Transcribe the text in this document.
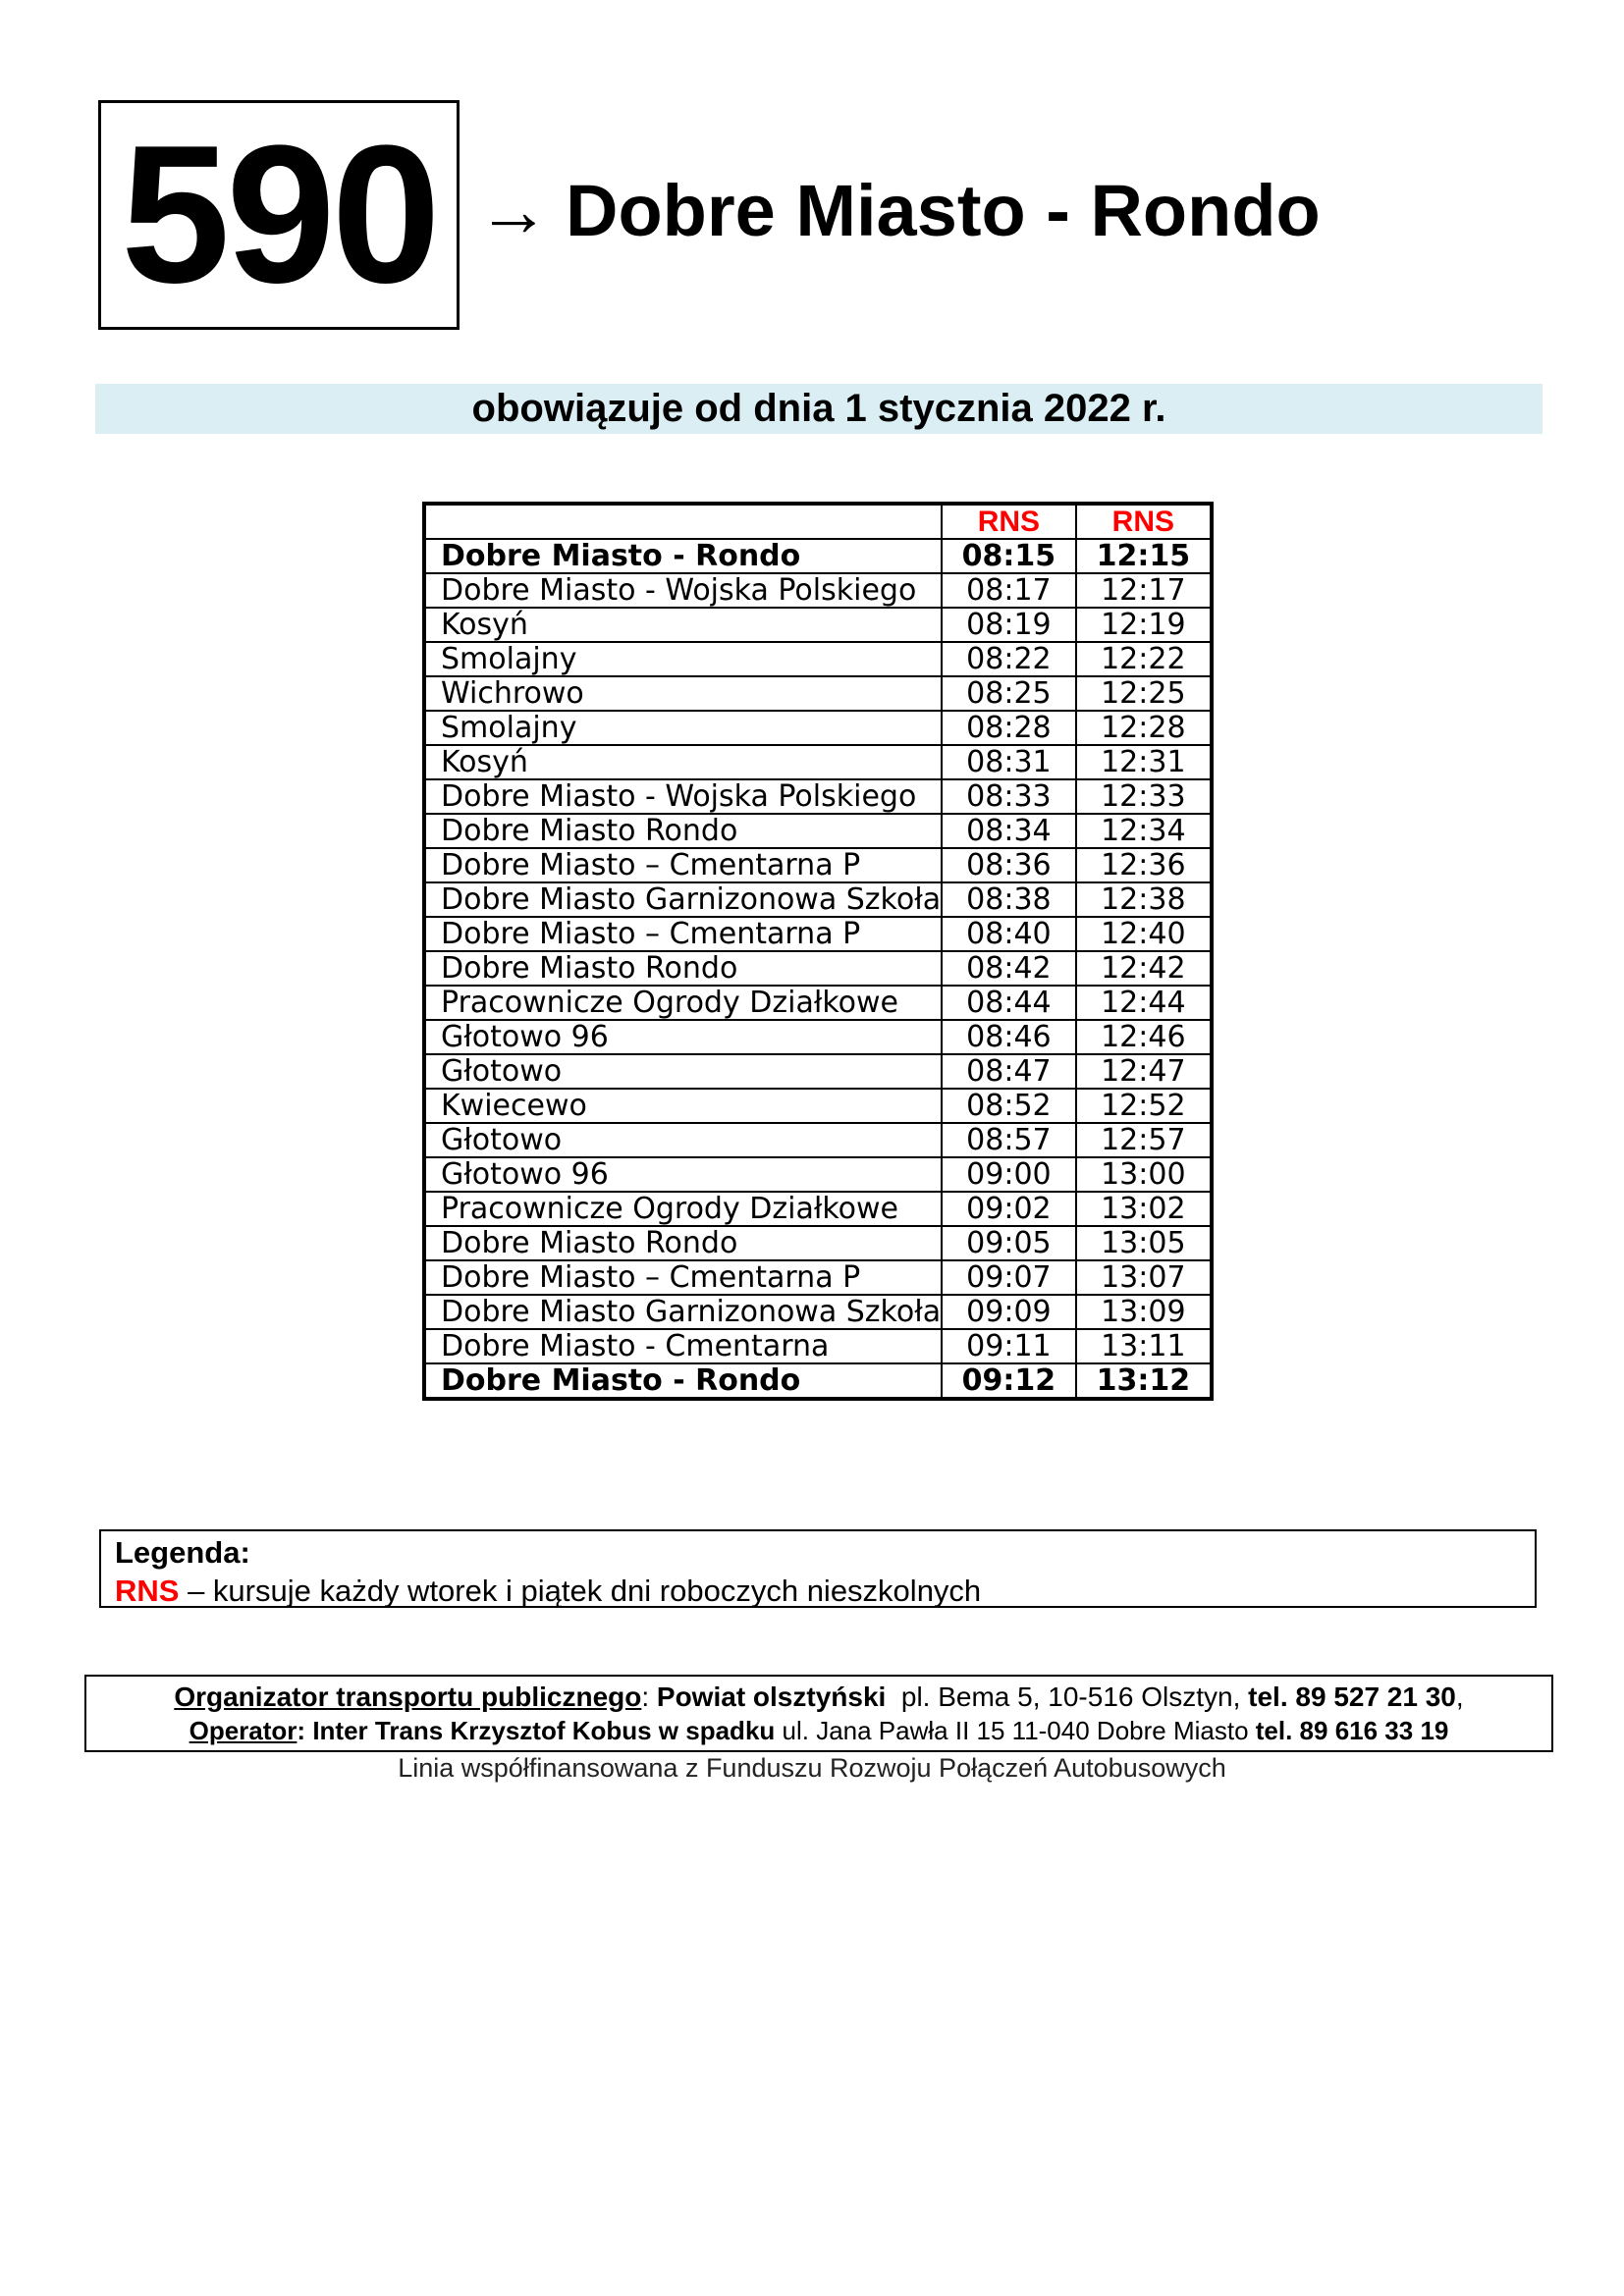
590 → Dobre Miasto - Rondo
obowiązuje od dnia 1 stycznia 2022 r.
	RNS	RNS
Dobre Miasto - Rondo	08:15	12:15
Dobre Miasto - Wojska Polskiego	08:17	12:17
Kosyń	08:19	12:19
Smolajny	08:22	12:22
Wichrowo	08:25	12:25
Smolajny	08:28	12:28
Kosyń	08:31	12:31
Dobre Miasto - Wojska Polskiego	08:33	12:33
Dobre Miasto Rondo	08:34	12:34
Dobre Miasto – Cmentarna P	08:36	12:36
Dobre Miasto Garnizonowa Szkoła	08:38	12:38
Dobre Miasto – Cmentarna P	08:40	12:40
Dobre Miasto Rondo	08:42	12:42
Pracownicze Ogrody Działkowe	08:44	12:44
Głotowo 96	08:46	12:46
Głotowo	08:47	12:47
Kwiecewo	08:52	12:52
Głotowo	08:57	12:57
Głotowo 96	09:00	13:00
Pracownicze Ogrody Działkowe	09:02	13:02
Dobre Miasto Rondo	09:05	13:05
Dobre Miasto – Cmentarna P	09:07	13:07
Dobre Miasto Garnizonowa Szkoła	09:09	13:09
Dobre Miasto - Cmentarna	09:11	13:11
Dobre Miasto - Rondo	09:12	13:12
Legenda:
RNS – kursuje każdy wtorek i piątek dni roboczych nieszkolnych
Organizator transportu publicznego: Powiat olsztyński  pl. Bema 5, 10-516 Olsztyn, tel. 89 527 21 30,
Operator: Inter Trans Krzysztof Kobus w spadku ul. Jana Pawła II 15 11-040 Dobre Miasto tel. 89 616 33 19
Linia współfinansowana z Funduszu Rozwoju Połączeń Autobusowych
